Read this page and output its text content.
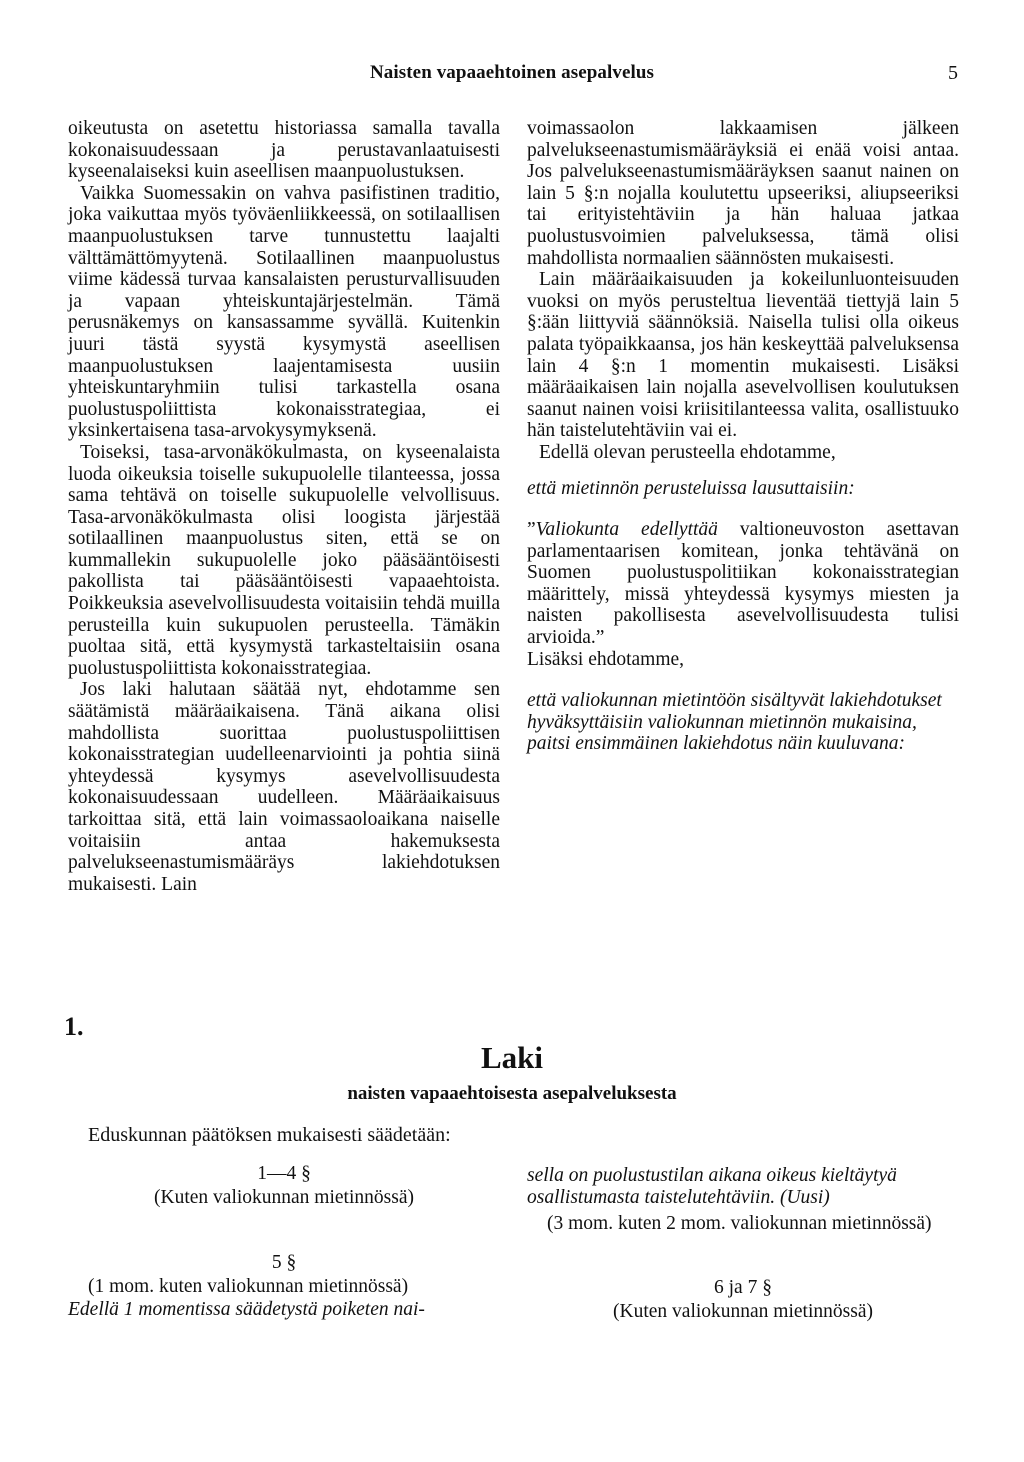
Naisten vapaaehtoinen asepalvelus	5

oikeutusta on asetettu historiassa samalla tavalla kokonaisuudessaan ja perustavanlaatuisesti kyseenalaiseksi kuin aseellisen maanpuolustuksen.

Vaikka Suomessakin on vahva pasifistinen traditio, joka vaikuttaa myös työväenliikkeessä, on sotilaallisen maanpuolustuksen tarve tunnustettu laajalti välttämättömyytenä. Sotilaallinen maanpuolustus viime kädessä turvaa kansalaisten perusturvallisuuden ja vapaan yhteiskuntajärjestelmän. Tämä perusnäkemys on kansassamme syvällä. Kuitenkin juuri tästä syystä kysymystä aseellisen maanpuolustuksen laajentamisesta uusiin yhteiskuntaryhmiin tulisi tarkastella osana puolustuspoliittista kokonaisstrategiaa, ei yksinkertaisena tasa-arvokysymyksenä.

Toiseksi, tasa-arvonäkökulmasta, on kyseenalaista luoda oikeuksia toiselle sukupuolelle tilanteessa, jossa sama tehtävä on toiselle sukupuolelle velvollisuus. Tasa-arvonäkökulmasta olisi loogista järjestää sotilaallinen maanpuolustus siten, että se on kummallekin sukupuolelle joko pääsääntöisesti pakollista tai pääsääntöisesti vapaaehtoista. Poikkeuksia asevelvollisuudesta voitaisiin tehdä muilla perusteilla kuin sukupuolen perusteella. Tämäkin puoltaa sitä, että kysymystä tarkasteltaisiin osana puolustuspoliittista kokonaisstrategiaa.

Jos laki halutaan säätää nyt, ehdotamme sen säätämistä määräaikaisena. Tänä aikana olisi mahdollista suorittaa puolustuspoliittisen kokonaisstrategian uudelleenarviointi ja pohtia siinä yhteydessä kysymys asevelvollisuudesta kokonaisuudessaan uudelleen. Määräaikaisuus tarkoittaa sitä, että lain voimassaoloaikana naiselle voitaisiin antaa hakemuksesta palvelukseenastumismääräys lakiehdotuksen mukaisesti. Lain

voimassaolon lakkaamisen jälkeen palvelukseenastumismääräyksiä ei enää voisi antaa. Jos palvelukseenastumismääräyksen saanut nainen on lain 5 §:n nojalla koulutettu upseeriksi, aliupseeriksi tai erityistehtäviin ja hän haluaa jatkaa puolustusvoimien palveluksessa, tämä olisi mahdollista normaalien säännösten mukaisesti.

Lain määräaikaisuuden ja kokeilunluonteisuuden vuoksi on myös perusteltua lieventää tiettyjä lain 5 §:ään liittyviä säännöksiä. Naisella tulisi olla oikeus palata työpaikkaansa, jos hän keskeyttää palveluksensa lain 4 §:n 1 momentin mukaisesti. Lisäksi määräaikaisen lain nojalla asevelvollisen koulutuksen saanut nainen voisi kriisitilanteessa valita, osallistuuko hän taistelutehtäviin vai ei.

Edellä olevan perusteella ehdotamme,

että mietinnön perusteluissa lausuttaisiin:

”Valiokunta edellyttää valtioneuvoston asettavan parlamentaarisen komitean, jonka tehtävänä on Suomen puolustuspolitiikan kokonaisstrategian määrittely, missä yhteydessä kysymys miesten ja naisten pakollisesta asevelvollisuudesta tulisi arvioida.”

Lisäksi ehdotamme,

että valiokunnan mietintöön sisältyvät lakiehdotukset hyväksyttäisiin valiokunnan mietinnön mukaisina, paitsi ensimmäinen lakiehdotus näin kuuluvana:

1.
Laki
naisten vapaaehtoisesta asepalveluksesta
Eduskunnan päätöksen mukaisesti säädetään:
1—4 §
(Kuten valiokunnan mietinnössä)
5 §
(1 mom. kuten valiokunnan mietinnössä)
Edellä 1 momentissa säädetystä poiketen nai-
sella on puolustustilan aikana oikeus kieltäytyä osallistumasta taistelutehtäviin. (Uusi)
(3 mom. kuten 2 mom. valiokunnan mietinnössä)
6 ja 7 §
(Kuten valiokunnan mietinnössä)
